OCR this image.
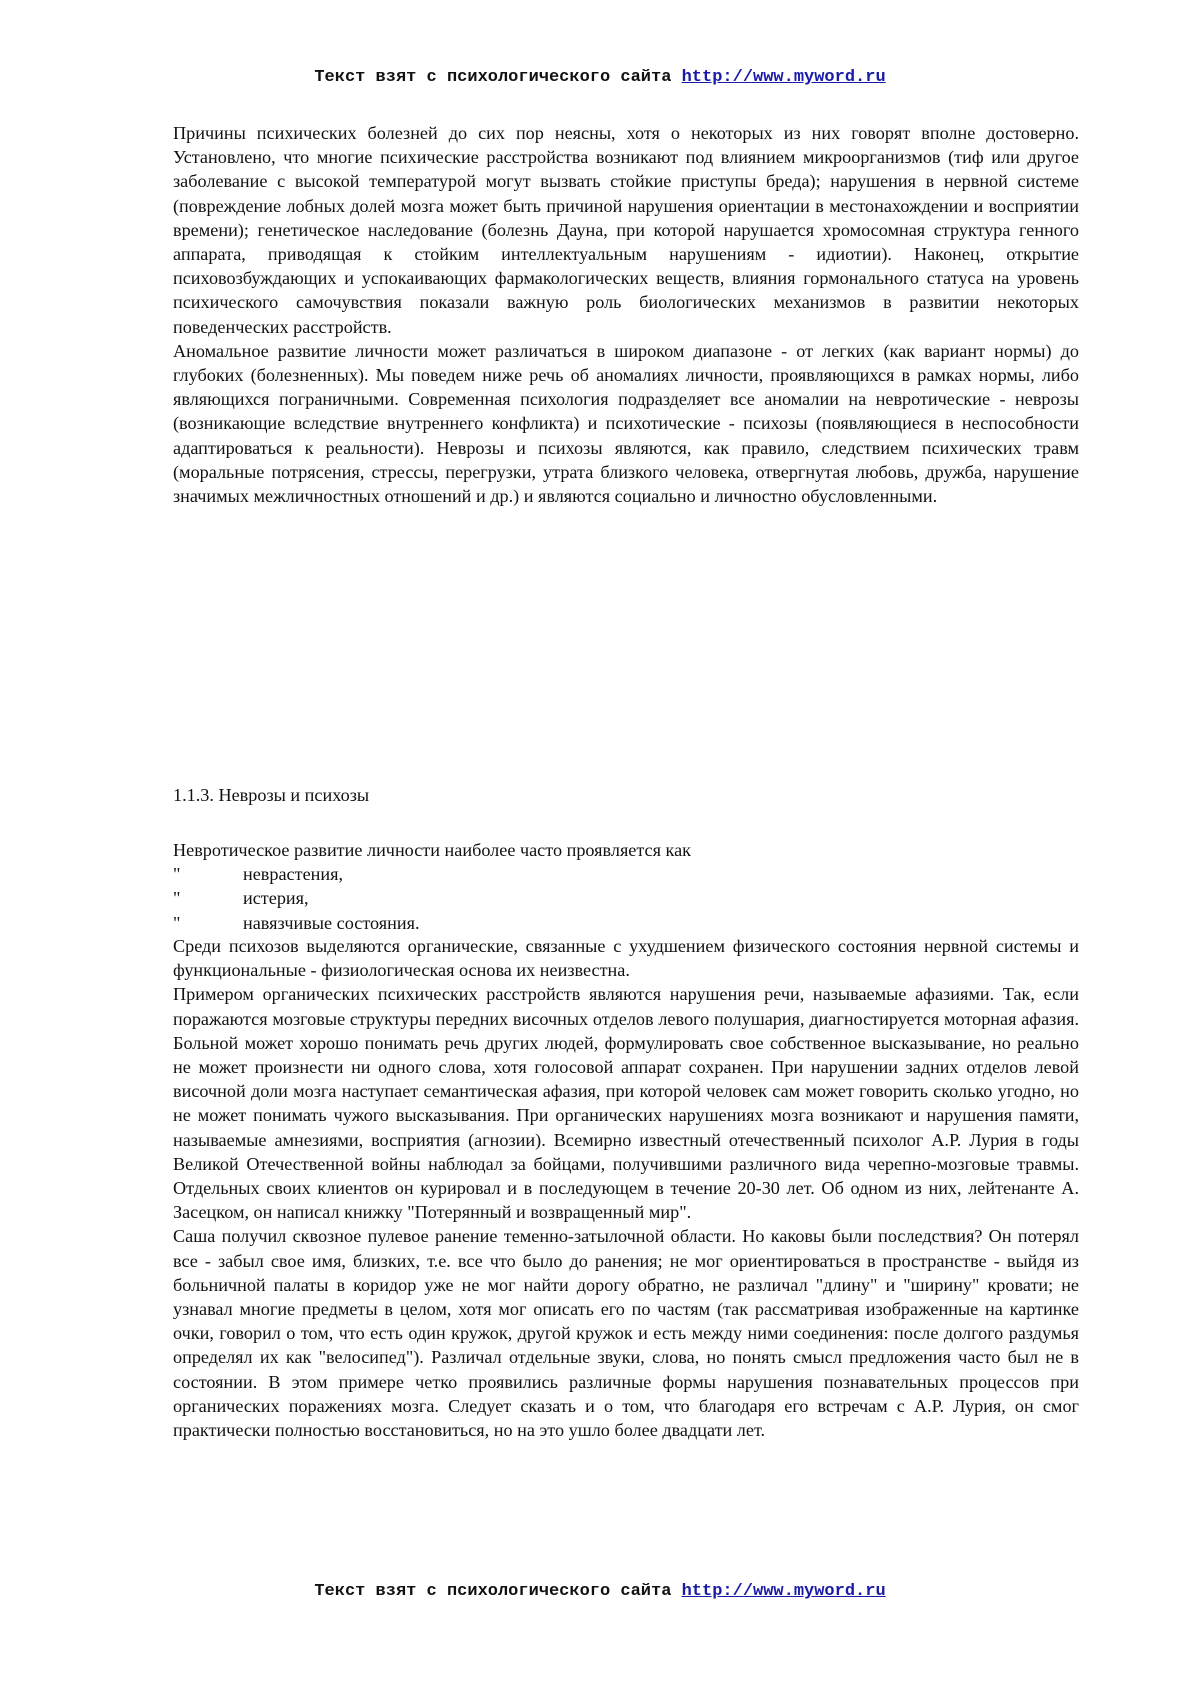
Текст взят с психологического сайта http://www.myword.ru

Причины психических болезней до сих пор неясны, хотя о некоторых из них говорят вполне достоверно. Установлено, что многие психические расстройства возникают под влиянием микроорганизмов (тиф или другое заболевание с высокой температурой могут вызвать стойкие приступы бреда); нарушения в нервной системе (повреждение лобных долей мозга может быть причиной нарушения ориентации в местонахождении и восприятии времени); генетическое наследование (болезнь Дауна, при которой нарушается хромосомная структура генного аппарата, приводящая к стойким интеллектуальным нарушениям - идиотии). Наконец, открытие психовозбуждающих и успокаивающих фармакологических веществ, влияния гормонального статуса на уровень психического самочувствия показали важную роль биологических механизмов в развитии некоторых поведенческих расстройств.

Аномальное развитие личности может различаться в широком диапазоне - от легких (как вариант нормы) до глубоких (болезненных). Мы поведем ниже речь об аномалиях личности, проявляющихся в рамках нормы, либо являющихся пограничными. Современная психология подразделяет все аномалии на невротические - неврозы (возникающие вследствие внутреннего конфликта) и психотические - психозы (появляющиеся в неспособности адаптироваться к реальности). Неврозы и психозы являются, как правило, следствием психических травм (моральные потрясения, стрессы, перегрузки, утрата близкого человека, отвергнутая любовь, дружба, нарушение значимых межличностных отношений и др.) и являются социально и личностно обусловленными.

1.1.3. Неврозы и психозы

Невротическое развитие личности наиболее часто проявляется как

"	неврастения,
"	истерия,
"	навязчивые состояния.

Среди психозов выделяются органические, связанные с ухудшением физического состояния нервной системы и функциональные - физиологическая основа их неизвестна.

Примером органических психических расстройств являются нарушения речи, называемые афазиями. Так, если поражаются мозговые структуры передних височных отделов левого полушария, диагностируется моторная афазия. Больной может хорошо понимать речь других людей, формулировать свое собственное высказывание, но реально не может произнести ни одного слова, хотя голосовой аппарат сохранен. При нарушении задних отделов левой височной доли мозга наступает семантическая афазия, при которой человек сам может говорить сколько угодно, но не может понимать чужого высказывания. При органических нарушениях мозга возникают и нарушения памяти, называемые амнезиями, восприятия (агнозии). Всемирно известный отечественный психолог А.Р. Лурия в годы Великой Отечественной войны наблюдал за бойцами, получившими различного вида черепно-мозговые травмы. Отдельных своих клиентов он курировал и в последующем в течение 20-30 лет. Об одном из них, лейтенанте А. Засецком, он написал книжку "Потерянный и возвращенный мир".

Саша получил сквозное пулевое ранение теменно-затылочной области. Но каковы были последствия? Он потерял все - забыл свое имя, близких, т.е. все что было до ранения; не мог ориентироваться в пространстве - выйдя из больничной палаты в коридор уже не мог найти дорогу обратно, не различал "длину" и "ширину" кровати; не узнавал многие предметы в целом, хотя мог описать его по частям (так рассматривая изображенные на картинке очки, говорил о том, что есть один кружок, другой кружок и есть между ними соединения: после долгого раздумья определял их как "велосипед"). Различал отдельные звуки, слова, но понять смысл предложения часто был не в состоянии. В этом примере четко проявились различные формы нарушения познавательных процессов при органических поражениях мозга. Следует сказать и о том, что благодаря его встречам с А.Р. Лурия, он смог практически полностью восстановиться, но на это ушло более двадцати лет.

Текст взят с психологического сайта http://www.myword.ru
